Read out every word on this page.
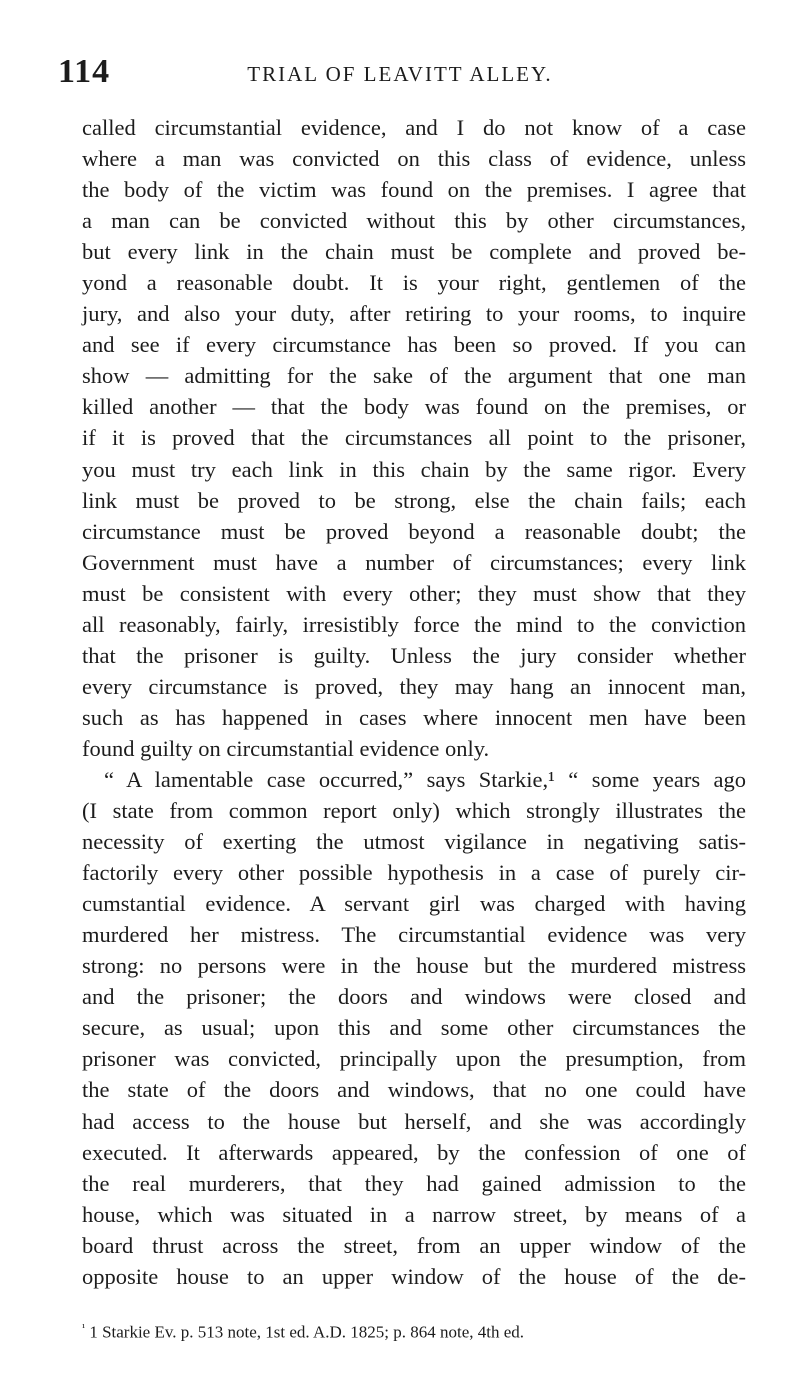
114	TRIAL OF LEAVITT ALLEY.
called circumstantial evidence, and I do not know of a case
where a man was convicted on this class of evidence, unless
the body of the victim was found on the premises. I agree that
a man can be convicted without this by other circumstances,
but every link in the chain must be complete and proved be-
yond a reasonable doubt. It is your right, gentlemen of the
jury, and also your duty, after retiring to your rooms, to inquire
and see if every circumstance has been so proved. If you can
show — admitting for the sake of the argument that one man
killed another — that the body was found on the premises, or
if it is proved that the circumstances all point to the prisoner,
you must try each link in this chain by the same rigor. Every
link must be proved to be strong, else the chain fails; each
circumstance must be proved beyond a reasonable doubt; the
Government must have a number of circumstances; every link
must be consistent with every other; they must show that they
all reasonably, fairly, irresistibly force the mind to the conviction
that the prisoner is guilty. Unless the jury consider whether
every circumstance is proved, they may hang an innocent man,
such as has happened in cases where innocent men have been
found guilty on circumstantial evidence only.
“ A lamentable case occurred,” says Starkie,¹ “ some years ago
(I state from common report only) which strongly illustrates the
necessity of exerting the utmost vigilance in negativing satis-
factorily every other possible hypothesis in a case of purely cir-
cumstantial evidence. A servant girl was charged with having
murdered her mistress. The circumstantial evidence was very
strong: no persons were in the house but the murdered mistress
and the prisoner; the doors and windows were closed and
secure, as usual; upon this and some other circumstances the
prisoner was convicted, principally upon the presumption, from
the state of the doors and windows, that no one could have
had access to the house but herself, and she was accordingly
executed. It afterwards appeared, by the confession of one of
the real murderers, that they had gained admission to the
house, which was situated in a narrow street, by means of a
board thrust across the street, from an upper window of the
opposite house to an upper window of the house of the de-
$^{^1}$ 1 Starkie Ev. p. 513 note, 1st ed. A.D. 1825; p. 864 note, 4th ed.
